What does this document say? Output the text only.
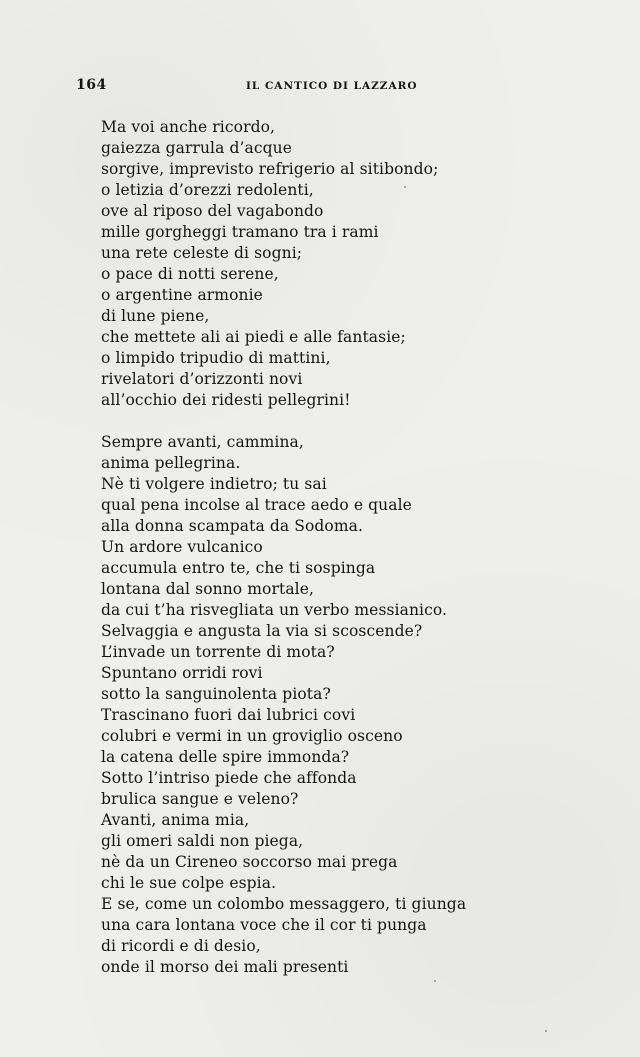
164	IL CANTICO DI LAZZARO
Ma voi anche ricordo,
gaiezza garrula d’acque
sorgive, imprevisto refrigerio al sitibondo;
o letizia d’orezzi redolenti,
ove al riposo del vagabondo
mille gorgheggi tramano tra i rami
una rete celeste di sogni;
o pace di notti serene,
o argentine armonie
di lune piene,
che mettete ali ai piedi e alle fantasie;
o limpido tripudio di mattini,
rivelatori d’orizzonti novi
all’occhio dei ridesti pellegrini!
Sempre avanti, cammina,
anima pellegrina.
Nè ti volgere indietro; tu sai
qual pena incolse al trace aedo e quale
alla donna scampata da Sodoma.
Un ardore vulcanico
accumula entro te, che ti sospinga
lontana dal sonno mortale,
da cui t’ha risvegliata un verbo messianico.
Selvaggia e angusta la via si scoscende?
L’invade un torrente di mota?
Spuntano orridi rovi
sotto la sanguinolenta piota?
Trascinano fuori dai lubrici covi
colubri e vermi in un groviglio osceno
la catena delle spire immonda?
Sotto l’intriso piede che affonda
brulica sangue e veleno?
Avanti, anima mia,
gli omeri saldi non piega,
nè da un Cireneo soccorso mai prega
chi le sue colpe espia.
E se, come un colombo messaggero, ti giunga
una cara lontana voce che il cor ti punga
di ricordi e di desio,
onde il morso dei mali presenti
